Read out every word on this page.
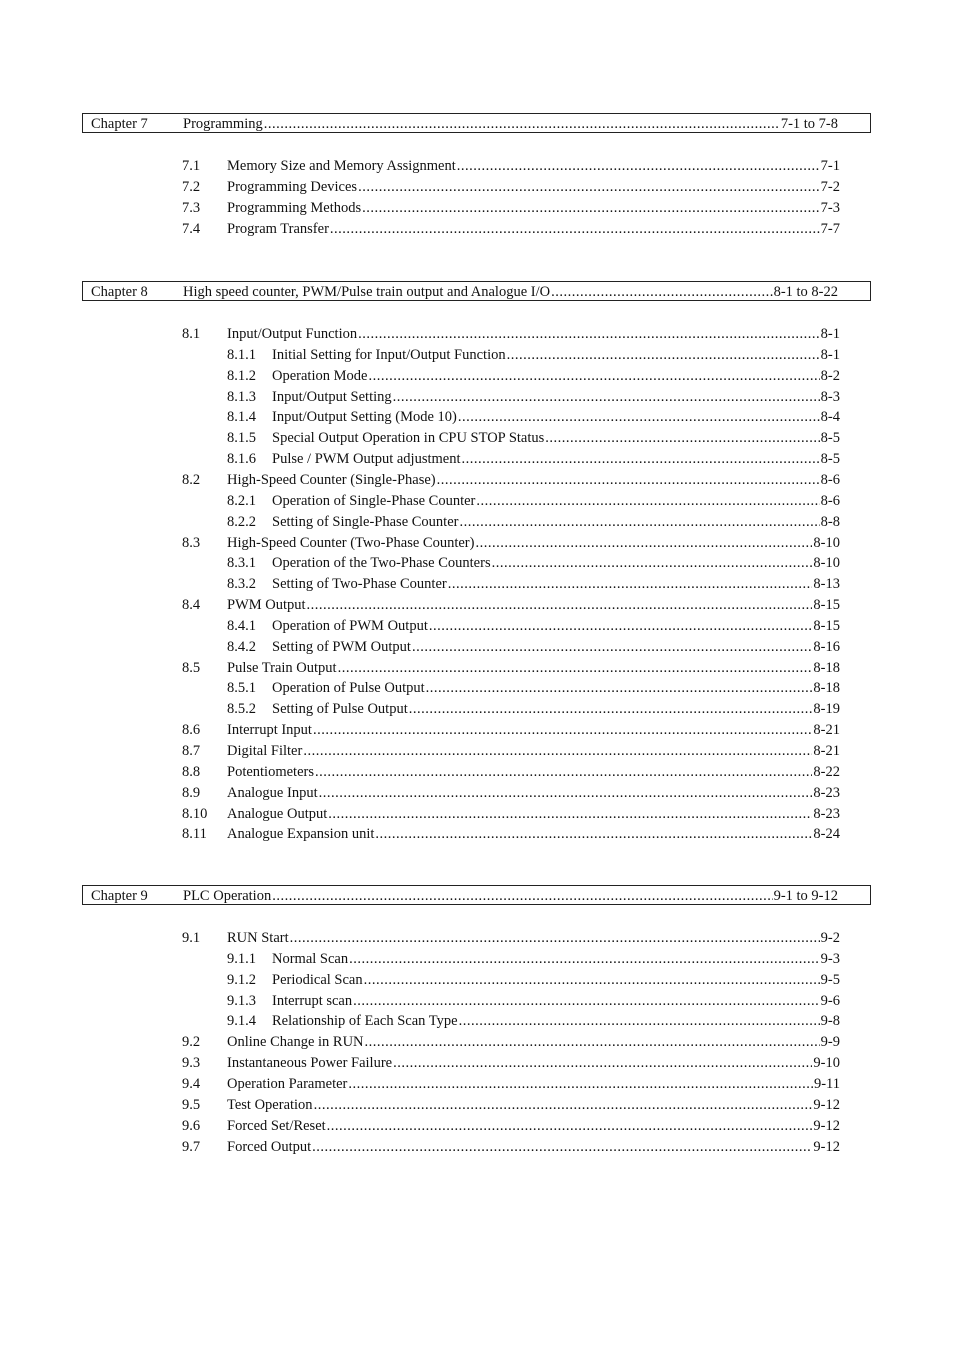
Chapter 7 Programming .....	7-1 to 7-8
7.1 Memory Size and Memory Assignment .....	7-1
7.2 Programming Devices .....	7-2
7.3 Programming Methods .....	7-3
7.4 Program Transfer .....	7-7
Chapter 8 High speed counter, PWM/Pulse train output and Analogue I/O .....	8-1 to 8-22
8.1 Input/Output Function .....	8-1
8.1.1 Initial Setting for Input/Output Function .....	8-1
8.1.2 Operation Mode .....	8-2
8.1.3 Input/Output Setting .....	8-3
8.1.4 Input/Output Setting (Mode 10) .....	8-4
8.1.5 Special Output Operation in CPU STOP Status .....	8-5
8.1.6 Pulse / PWM Output adjustment .....	8-5
8.2 High-Speed Counter (Single-Phase) .....	8-6
8.2.1 Operation of Single-Phase Counter .....	8-6
8.2.2 Setting of Single-Phase Counter .....	8-8
8.3 High-Speed Counter (Two-Phase Counter) .....	8-10
8.3.1 Operation of the Two-Phase Counters .....	8-10
8.3.2 Setting of Two-Phase Counter .....	8-13
8.4 PWM Output .....	8-15
8.4.1 Operation of PWM Output .....	8-15
8.4.2 Setting of PWM Output .....	8-16
8.5 Pulse Train Output .....	8-18
8.5.1 Operation of Pulse Output .....	8-18
8.5.2 Setting of Pulse Output .....	8-19
8.6 Interrupt Input .....	8-21
8.7 Digital Filter .....	8-21
8.8 Potentiometers .....	8-22
8.9 Analogue Input .....	8-23
8.10 Analogue Output .....	8-23
8.11 Analogue Expansion unit .....	8-24
Chapter 9 PLC Operation .....	9-1 to 9-12
9.1 RUN Start .....	9-2
9.1.1 Normal Scan .....	9-3
9.1.2 Periodical Scan .....	9-5
9.1.3 Interrupt scan .....	9-6
9.1.4 Relationship of Each Scan Type .....	9-8
9.2 Online Change in RUN .....	9-9
9.3 Instantaneous Power Failure .....	9-10
9.4 Operation Parameter .....	9-11
9.5 Test Operation .....	9-12
9.6 Forced Set/Reset .....	9-12
9.7 Forced Output .....	9-12
